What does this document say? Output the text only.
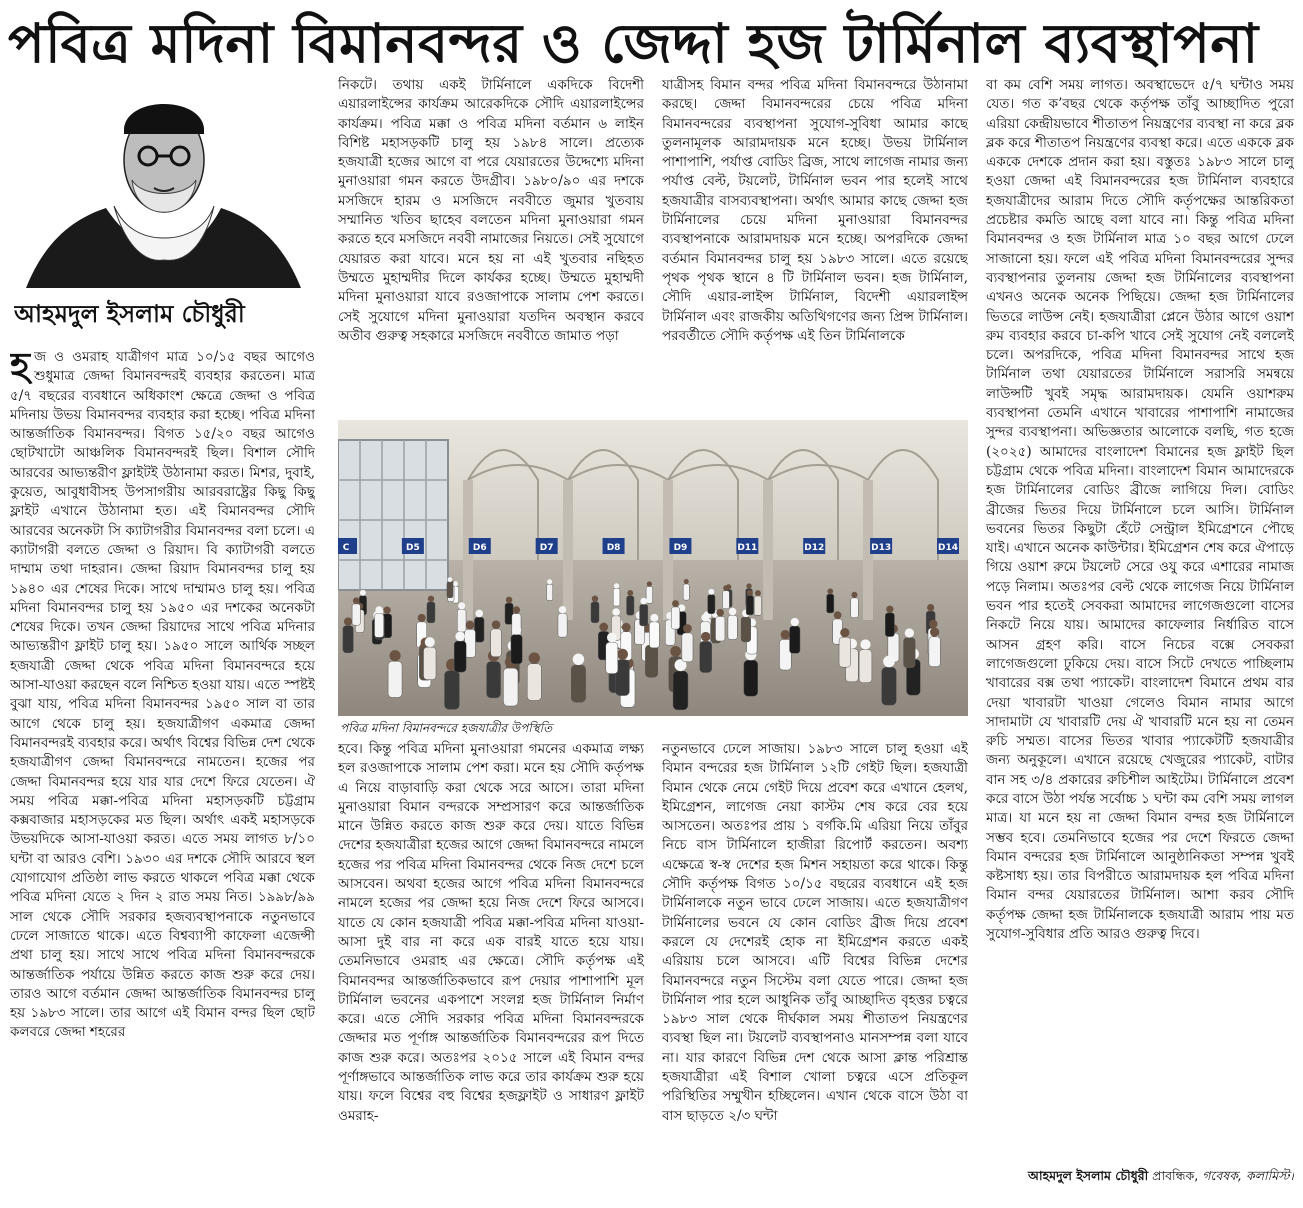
পবিত্র মদিনা বিমানবন্দর ও জেদ্দা হজ টার্মিনাল ব্যবস্থাপনা
আহমদুল ইসলাম চৌধুরী

হজ ও ওমরাহ যাত্রীগণ মাত্র ১০/১৫ বছর আগেও শুধুমাত্র জেদ্দা বিমানবন্দরই ব্যবহার করতেন। মাত্র ৫/৭ বছরের ব্যবধানে অধিকাংশ ক্ষেত্রে জেদ্দা ও পবিত্র মদিনায় উভয় বিমানবন্দর ব্যবহার করা হচ্ছে। পবিত্র মদিনা আন্তর্জাতিক বিমানবন্দর। বিগত ১৫/২০ বছর আগেও ছোটখাটো আঞ্চলিক বিমানবন্দরই ছিল। বিশাল সৌদি আরবের আভ্যন্তরীণ ফ্লাইটই উঠানামা করত। মিশর, দুবাই, কুয়েত, আবুধাবীসহ উপসাগরীয় আরবরাষ্ট্রের কিছু কিছু ফ্লাইট এখানে উঠানামা হত। এই বিমানবন্দর সৌদি আরবের অনেকটা সি ক্যাটাগরীর বিমানবন্দর বলা চলে। এ ক্যাটাগরী বলতে জেদ্দা ও রিয়াদ। বি ক্যাটাগরী বলতে দাম্মাম তথা দাহরান। জেদ্দা রিয়াদ বিমানবন্দর চালু হয় ১৯৪০ এর শেষের দিকে। সাথে দাম্মামও চালু হয়। পবিত্র মদিনা বিমানবন্দর চালু হয় ১৯৫০ এর দশকের অনেকটা শেষের দিকে। তখন জেদ্দা রিয়াদের সাথে পবিত্র মদিনার আভ্যন্তরীণ ফ্লাইট চালু হয়। ১৯৫০ সালে আর্থিক সচ্ছল হজযাত্রী জেদ্দা থেকে পবিত্র মদিনা বিমানবন্দরে হয়ে আসা-যাওয়া করছেন বলে নিশ্চিত হওয়া যায়। এতে স্পষ্টই বুঝা যায়, পবিত্র মদিনা বিমানবন্দর ১৯৫০ সাল বা তার আগে থেকে চালু হয়। হজযাত্রীগণ একমাত্র জেদ্দা বিমানবন্দরই ব্যবহার করে। অর্থাৎ বিশ্বের বিভিন্ন দেশ থেকে হজযাত্রীগণ জেদ্দা বিমানবন্দরে নামতেন। হজের পর জেদ্দা বিমানবন্দর হয়ে যার যার দেশে ফিরে যেতেন। ঐ সময় পবিত্র মক্কা-পবিত্র মদিনা মহাসড়কটি চট্টগ্রাম কক্সবাজার মহাসড়কের মত ছিল। অর্থাৎ একই মহাসড়কে উভয়দিকে আসা-যাওয়া করত। এতে সময় লাগত ৮/১০ ঘন্টা বা আরও বেশি। ১৯৩০ এর দশকে সৌদি আরবে স্থল যোগাযোগ প্রতিষ্ঠা লাভ করতে থাকলে পবিত্র মক্কা থেকে পবিত্র মদিনা যেতে ২ দিন ২ রাত সময় নিত। ১৯৯৮/৯৯ সাল থেকে সৌদি সরকার হজব্যবস্থাপনাকে নতুনভাবে ঢেলে সাজাতে থাকে। এতে বিশ্বব্যাপী কাফেলা এজেন্সী প্রথা চালু হয়। সাথে সাথে পবিত্র মদিনা বিমানবন্দরকে আন্তর্জাতিক পর্যায়ে উন্নিত করতে কাজ শুরু করে দেয়। তারও আগে বর্তমান জেদ্দা আন্তর্জাতিক বিমানবন্দর চালু হয় ১৯৮৩ সালে। তার আগে এই বিমান বন্দর ছিল ছোট কলবরে জেদ্দা শহরের

নিকটে। তথায় একই টার্মিনালে একদিকে বিদেশী এয়ারলাইন্সের কার্যক্রম আরেকদিকে সৌদি এয়ারলাইন্সের কার্যক্রম। পবিত্র মক্কা ও পবিত্র মদিনা বর্তমান ৬ লাইন বিশিষ্ট মহাসড়কটি চালু হয় ১৯৮৪ সালে। প্রত্যেক হজযাত্রী হজের আগে বা পরে যেয়ারতের উদ্দেশ্যে মদিনা মুনাওয়ারা গমন করতে উদগ্রীব। ১৯৮০/৯০ এর দশকে মসজিদে হারম ও মসজিদে নববীতে জুমার খুতবায় সম্মানিত খতিব ছাহেব বলতেন মদিনা মুনাওয়ারা গমন করতে হবে মসজিদে নববী নামাজের নিয়তে। সেই সুযোগে যেয়ারত করা যাবে। মনে হয় না এই খুতবার নছিহত উম্মতে মুহাম্মদীর দিলে কার্যকর হচ্ছে। উম্মতে মুহাম্মদী মদিনা মুনাওয়ারা যাবে রওজাপাকে সালাম পেশ করতে। সেই সুযোগে মদিনা মুনাওয়ারা যতদিন অবস্থান করবে অতীব গুরুত্ব সহকারে মসজিদে নববীতে জামাত পড়া

যাত্রীসহ বিমান বন্দর পবিত্র মদিনা বিমানবন্দরে উঠানামা করছে। জেদ্দা বিমানবন্দরের চেয়ে পবিত্র মদিনা বিমানবন্দরের ব্যবস্থাপনা সুযোগ-সুবিধা আমার কাছে তুলনামূলক আরামদায়ক মনে হচ্ছে। উভয় টার্মিনাল পাশাপাশি, পর্যাপ্ত বোডিং ব্রিজ, সাথে লাগেজ নামার জন্য পর্যাপ্ত বেল্ট, টয়লেট, টার্মিনাল ভবন পার হলেই সাথে হজযাত্রীর বাসব্যবস্থাপনা। অর্থাৎ আমার কাছে জেদ্দা হজ টার্মিনালের চেয়ে মদিনা মুনাওয়ারা বিমানবন্দর ব্যবস্থাপনাকে আরামদায়ক মনে হচ্ছে। অপরদিকে জেদ্দা বর্তমান বিমানবন্দর চালু হয় ১৯৮৩ সালে। এতে রয়েছে পৃথক পৃথক স্থানে ৪ টি টার্মিনাল ভবন। হজ টার্মিনাল, সৌদি এয়ার-লাইন্স টার্মিনাল, বিদেশী এয়ারলাইন্স টার্মিনাল এবং রাজকীয় অতিথিগণের জন্য প্রিন্স টার্মিনাল। পরবর্তীতে সৌদি কর্তৃপক্ষ এই তিন টার্মিনালকে

C	D5	D6	D7	D8	D9	D11	D12	D13	D14
পবিত্র মদিনা বিমানবন্দরে হজযাত্রীর উপস্থিতি

হবে। কিন্তু পবিত্র মদিনা মুনাওয়ারা গমনের একমাত্র লক্ষ্য হল রওজাপাকে সালাম পেশ করা। মনে হয় সৌদি কর্তৃপক্ষ এ নিয়ে বাড়াবাড়ি করা থেকে সরে আসে। তারা মদিনা মুনাওয়ারা বিমান বন্দরকে সম্প্রসারণ করে আন্তর্জাতিক মানে উন্নিত করতে কাজ শুরু করে দেয়। যাতে বিভিন্ন দেশের হজযাত্রীরা হজের আগে জেদ্দা বিমানবন্দরে নামলে হজের পর পবিত্র মদিনা বিমানবন্দর থেকে নিজ দেশে চলে আসবেন। অথবা হজের আগে পবিত্র মদিনা বিমানবন্দরে নামলে হজের পর জেদ্দা হয়ে নিজ দেশে ফিরে আসবে। যাতে যে কোন হজযাত্রী পবিত্র মক্কা-পবিত্র মদিনা যাওয়া-আসা দুই বার না করে এক বারই যাতে হয়ে যায়। তেমনিভাবে ওমরাহ এর ক্ষেত্রে। সৌদি কর্তৃপক্ষ এই বিমানবন্দর আন্তর্জাতিকভাবে রূপ দেয়ার পাশাপাশি মূল টার্মিনাল ভবনের একপাশে সংলগ্ন হজ টার্মিনাল নির্মাণ করে। এতে সৌদি সরকার পবিত্র মদিনা বিমানবন্দরকে জেদ্দার মত পূর্ণাঙ্গ আন্তর্জাতিক বিমানবন্দরের রূপ দিতে কাজ শুরু করে। অতঃপর ২০১৫ সালে এই বিমান বন্দর পূর্ণাঙ্গভাবে আন্তর্জাতিক লাভ করে তার কার্যক্রম শুরু হয়ে যায়। ফলে বিশ্বের বহু বিশ্বের হজফ্লাইট ও সাধারণ ফ্লাইট ওমরাহ-

নতুনভাবে ঢেলে সাজায়। ১৯৮৩ সালে চালু হওয়া এই বিমান বন্দরের হজ টার্মিনাল ১২টি গেইট ছিল। হজযাত্রী বিমান থেকে নেমে গেইট দিয়ে প্রবেশ করে এখানে হেলথ, ইমিগ্রেশন, লাগেজ নেয়া কাস্টম শেষ করে বের হয়ে আসতেন। অতঃপর প্রায় ১ বর্গকি.মি এরিয়া নিয়ে তাঁবুর নিচে বাস টার্মিনালে হাজীরা রিপোর্ট করতেন। অবশ্য এক্ষেত্রে স্ব-স্ব দেশের হজ মিশন সহায়তা করে থাকে। কিন্তু সৌদি কর্তৃপক্ষ বিগত ১০/১৫ বছরের ব্যবধানে এই হজ টার্মিনালকে নতুন ভাবে ঢেলে সাজায়। এতে হজযাত্রীগণ টার্মিনালের ভবনে যে কোন বোডিং ব্রীজ দিয়ে প্রবেশ করলে যে দেশেরই হোক না ইমিগ্রেশন করতে একই এরিয়ায় চলে আসবে। এটি বিশ্বের বিভিন্ন দেশের বিমানবন্দরে নতুন সিস্টেম বলা যেতে পারে। জেদ্দা হজ টার্মিনাল পার হলে আধুনিক তাঁবু আচ্ছাদিত বৃহত্তর চত্বরে ১৯৮৩ সাল থেকে দীর্ঘকাল সময় শীতাতপ নিয়ন্ত্রণের ব্যবস্থা ছিল না। টয়লেট ব্যবস্থাপনাও মানসম্পন্ন বলা যাবে না। যার কারণে বিভিন্ন দেশ থেকে আসা ক্লান্ত পরিশ্রান্ত হজযাত্রীরা এই বিশাল খোলা চত্বরে এসে প্রতিকূল পরিস্থিতির সম্মুখীন হচ্ছিলেন। এখান থেকে বাসে উঠা বা বাস ছাড়তে ২/৩ ঘন্টা

বা কম বেশি সময় লাগত। অবস্থাভেদে ৫/৭ ঘন্টাও সময় যেত। গত ক’বছর থেকে কর্তৃপক্ষ তাঁবু আচ্ছাদিত পুরো এরিয়া কেন্দ্রীয়ভাবে শীতাতপ নিয়ন্ত্রণের ব্যবস্থা না করে ব্লক ব্লক করে শীতাতপ নিয়ন্ত্রণের ব্যবস্থা করে। এতে এককে ব্লক এককে দেশকে প্রদান করা হয়। বস্তুতঃ ১৯৮৩ সালে চালু হওয়া জেদ্দা এই বিমানবন্দরের হজ টার্মিনাল ব্যবহারে হজযাত্রীদের আরাম দিতে সৌদি কর্তৃপক্ষের আন্তরিকতা প্রচেষ্টার কমতি আছে বলা যাবে না। কিন্তু পবিত্র মদিনা বিমানবন্দর ও হজ টার্মিনাল মাত্র ১০ বছর আগে ঢেলে সাজানো হয়। ফলে এই পবিত্র মদিনা বিমানবন্দরের সুন্দর ব্যবস্থাপনার তুলনায় জেদ্দা হজ টার্মিনালের ব্যবস্থাপনা এখনও অনেক অনেক পিছিয়ে। জেদ্দা হজ টার্মিনালের ভিতরে লাউন্স নেই। হজযাত্রীরা প্লেনে উঠার আগে ওয়াশ রুম ব্যবহার করবে চা-কপি খাবে সেই সুযোগ নেই বললেই চলে। অপরদিকে, পবিত্র মদিনা বিমানবন্দর সাথে হজ টার্মিনাল তথা যেয়ারতের টার্মিনালে সরাসরি সমন্বয়ে লাউন্সটি খুবই সমৃদ্ধ আরামদায়ক। যেমনি ওয়াশরুম ব্যবস্থাপনা তেমনি এখানে খাবারের পাশাপাশি নামাজের সুন্দর ব্যবস্থাপনা। অভিজ্ঞতার আলোকে বলছি, গত হজে (২০২৫) আমাদের বাংলাদেশ বিমানের হজ ফ্লাইট ছিল চট্টগ্রাম থেকে পবিত্র মদিনা। বাংলাদেশ বিমান আমাদেরকে হজ টার্মিনালের বোডিং ব্রীজে লাগিয়ে দিল। বোডিং ব্রীজের ভিতর দিয়ে টার্মিনালে চলে আসি। টার্মিনাল ভবনের ভিতর কিছুটা হেঁটে সেন্ট্রাল ইমিগ্রেশনে পৌছে যাই। এখানে অনেক কাউন্টার। ইমিগ্রেশন শেষ করে ঐপাড়ে গিয়ে ওয়াশ রুমে টয়লেট সেরে ওযু করে এশারের নামাজ পড়ে নিলাম। অতঃপর বেল্ট থেকে লাগেজ নিয়ে টার্মিনাল ভবন পার হতেই সেবকরা আমাদের লাগেজগুলো বাসের নিকটে নিয়ে যায়। আমাদের কাফেলার নির্ধারিত বাসে আসন গ্রহণ করি। বাসে নিচের বক্সে সেবকরা লাগেজগুলো ঢুকিয়ে দেয়। বাসে সিটে দেখতে পাচ্ছিলাম খাবারের বক্স তথা প্যাকেট। বাংলাদেশ বিমানে প্রথম বার দেয়া খাবারটা খাওয়া গেলেও বিমান নামার আগে সাদামাটা যে খাবারটি দেয় ঐ খাবারটি মনে হয় না তেমন রুচি সম্মত। বাসের ভিতর খাবার প্যাকেটটি হজযাত্রীর জন্য অনুকূলে। এখানে রয়েছে খেজুরের প্যাকেট, বাটার বান সহ ৩/৪ প্রকারের রুচিশীল আইটেম। টার্মিনালে প্রবেশ করে বাসে উঠা পর্যন্ত সর্বোচ্চ ১ ঘন্টা কম বেশি সময় লাগল মাত্র। যা মনে হয় না জেদ্দা বিমান বন্দর হজ টার্মিনালে সম্ভব হবে। তেমনিভাবে হজের পর দেশে ফিরতে জেদ্দা বিমান বন্দরের হজ টার্মিনালে আনুষ্ঠানিকতা সম্পন্ন খুবই কষ্টসাধ্য হয়। তার বিপরীতে আরামদায়ক হল পবিত্র মদিনা বিমান বন্দর যেয়ারতের টার্মিনাল। আশা করব সৌদি কর্তৃপক্ষ জেদ্দা হজ টার্মিনালকে হজযাত্রী আরাম পায় মত সুযোগ-সুবিধার প্রতি আরও গুরুত্ব দিবে।

আহমদুল ইসলাম চৌধুরী প্রাবন্ধিক, গবেষক, কলামিস্ট।
